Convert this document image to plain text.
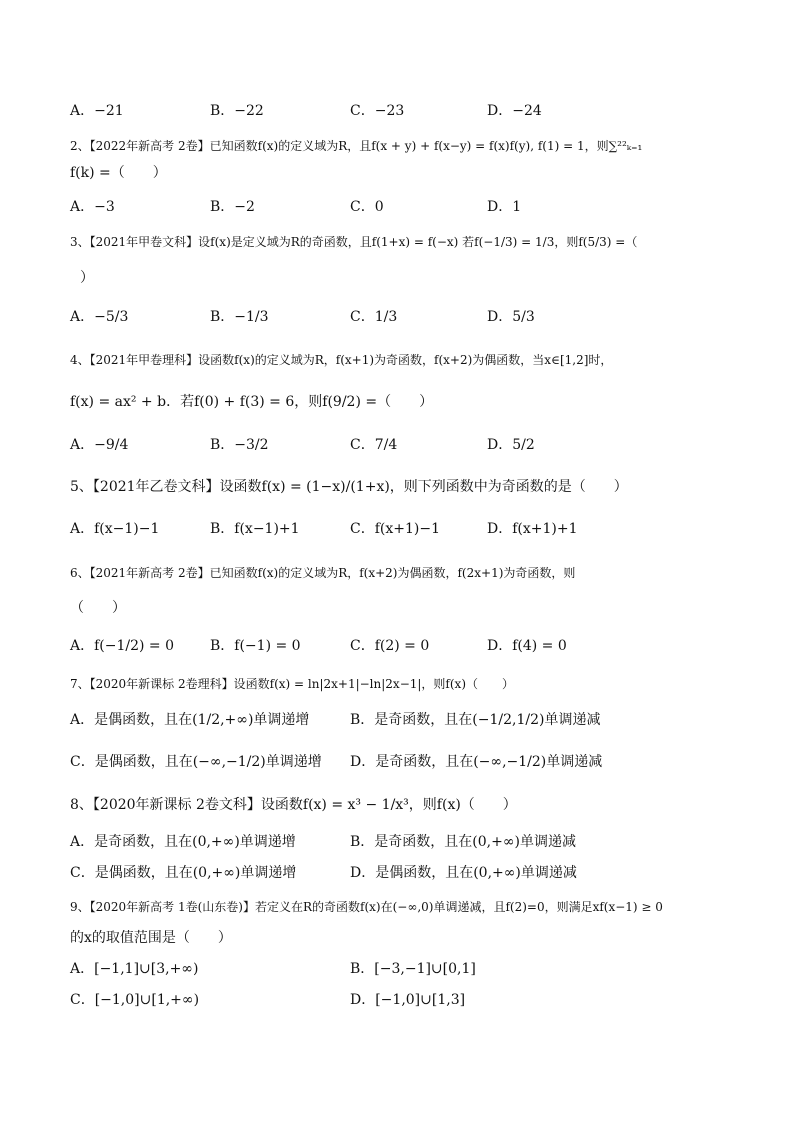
A．−21	B．−22	C．−23	D．−24
2、【2022年新高考 2卷】已知函数f(x)的定义域为R，且f(x + y) + f(x−y) = f(x)f(y), f(1) = 1，则∑²²ₖ₌₁
f(k) =（　　）
A．−3	B．−2	C．0	D．1
3、【2021年甲卷文科】设f(x)是定义域为R的奇函数，且f(1+x) = f(−x) 若f(−1/3) = 1/3，则f(5/3) =（
）
A．−5/3	B．−1/3	C．1/3	D．5/3
4、【2021年甲卷理科】设函数f(x)的定义域为R，f(x+1)为奇函数，f(x+2)为偶函数，当x∈[1,2]时，
f(x) = ax² + b．若f(0) + f(3) = 6，则f(9/2) =（　　）
A．−9/4	B．−3/2	C．7/4	D．5/2
5、【2021年乙卷文科】设函数f(x) = (1−x)/(1+x)，则下列函数中为奇函数的是（　　）
A．f(x−1)−1	B．f(x−1)+1	C．f(x+1)−1	D．f(x+1)+1
6、【2021年新高考 2卷】已知函数f(x)的定义域为R，f(x+2)为偶函数，f(2x+1)为奇函数，则
（　　）
A．f(−1/2) = 0	B．f(−1) = 0	C．f(2) = 0	D．f(4) = 0
7、【2020年新课标 2卷理科】设函数f(x) = ln|2x+1|−ln|2x−1|，则f(x)（　　）
A．是偶函数，且在(1/2,+∞)单调递增	B．是奇函数，且在(−1/2,1/2)单调递减
C．是偶函数，且在(−∞,−1/2)单调递增 D．是奇函数，且在(−∞,−1/2)单调递减
8、【2020年新课标 2卷文科】设函数f(x) = x³ − 1/x³，则f(x)（　　）
A．是奇函数，且在(0,+∞)单调递增	B．是奇函数，且在(0,+∞)单调递减
C．是偶函数，且在(0,+∞)单调递增	D．是偶函数，且在(0,+∞)单调递减
9、【2020年新高考 1卷(山东卷)】若定义在R的奇函数f(x)在(−∞,0)单调递减，且f(2)=0，则满足xf(x−1) ≥ 0
的x的取值范围是（　　）
A．[−1,1]∪[3,+∞)	B．[−3,−1]∪[0,1]
C．[−1,0]∪[1,+∞)	D．[−1,0]∪[1,3]
